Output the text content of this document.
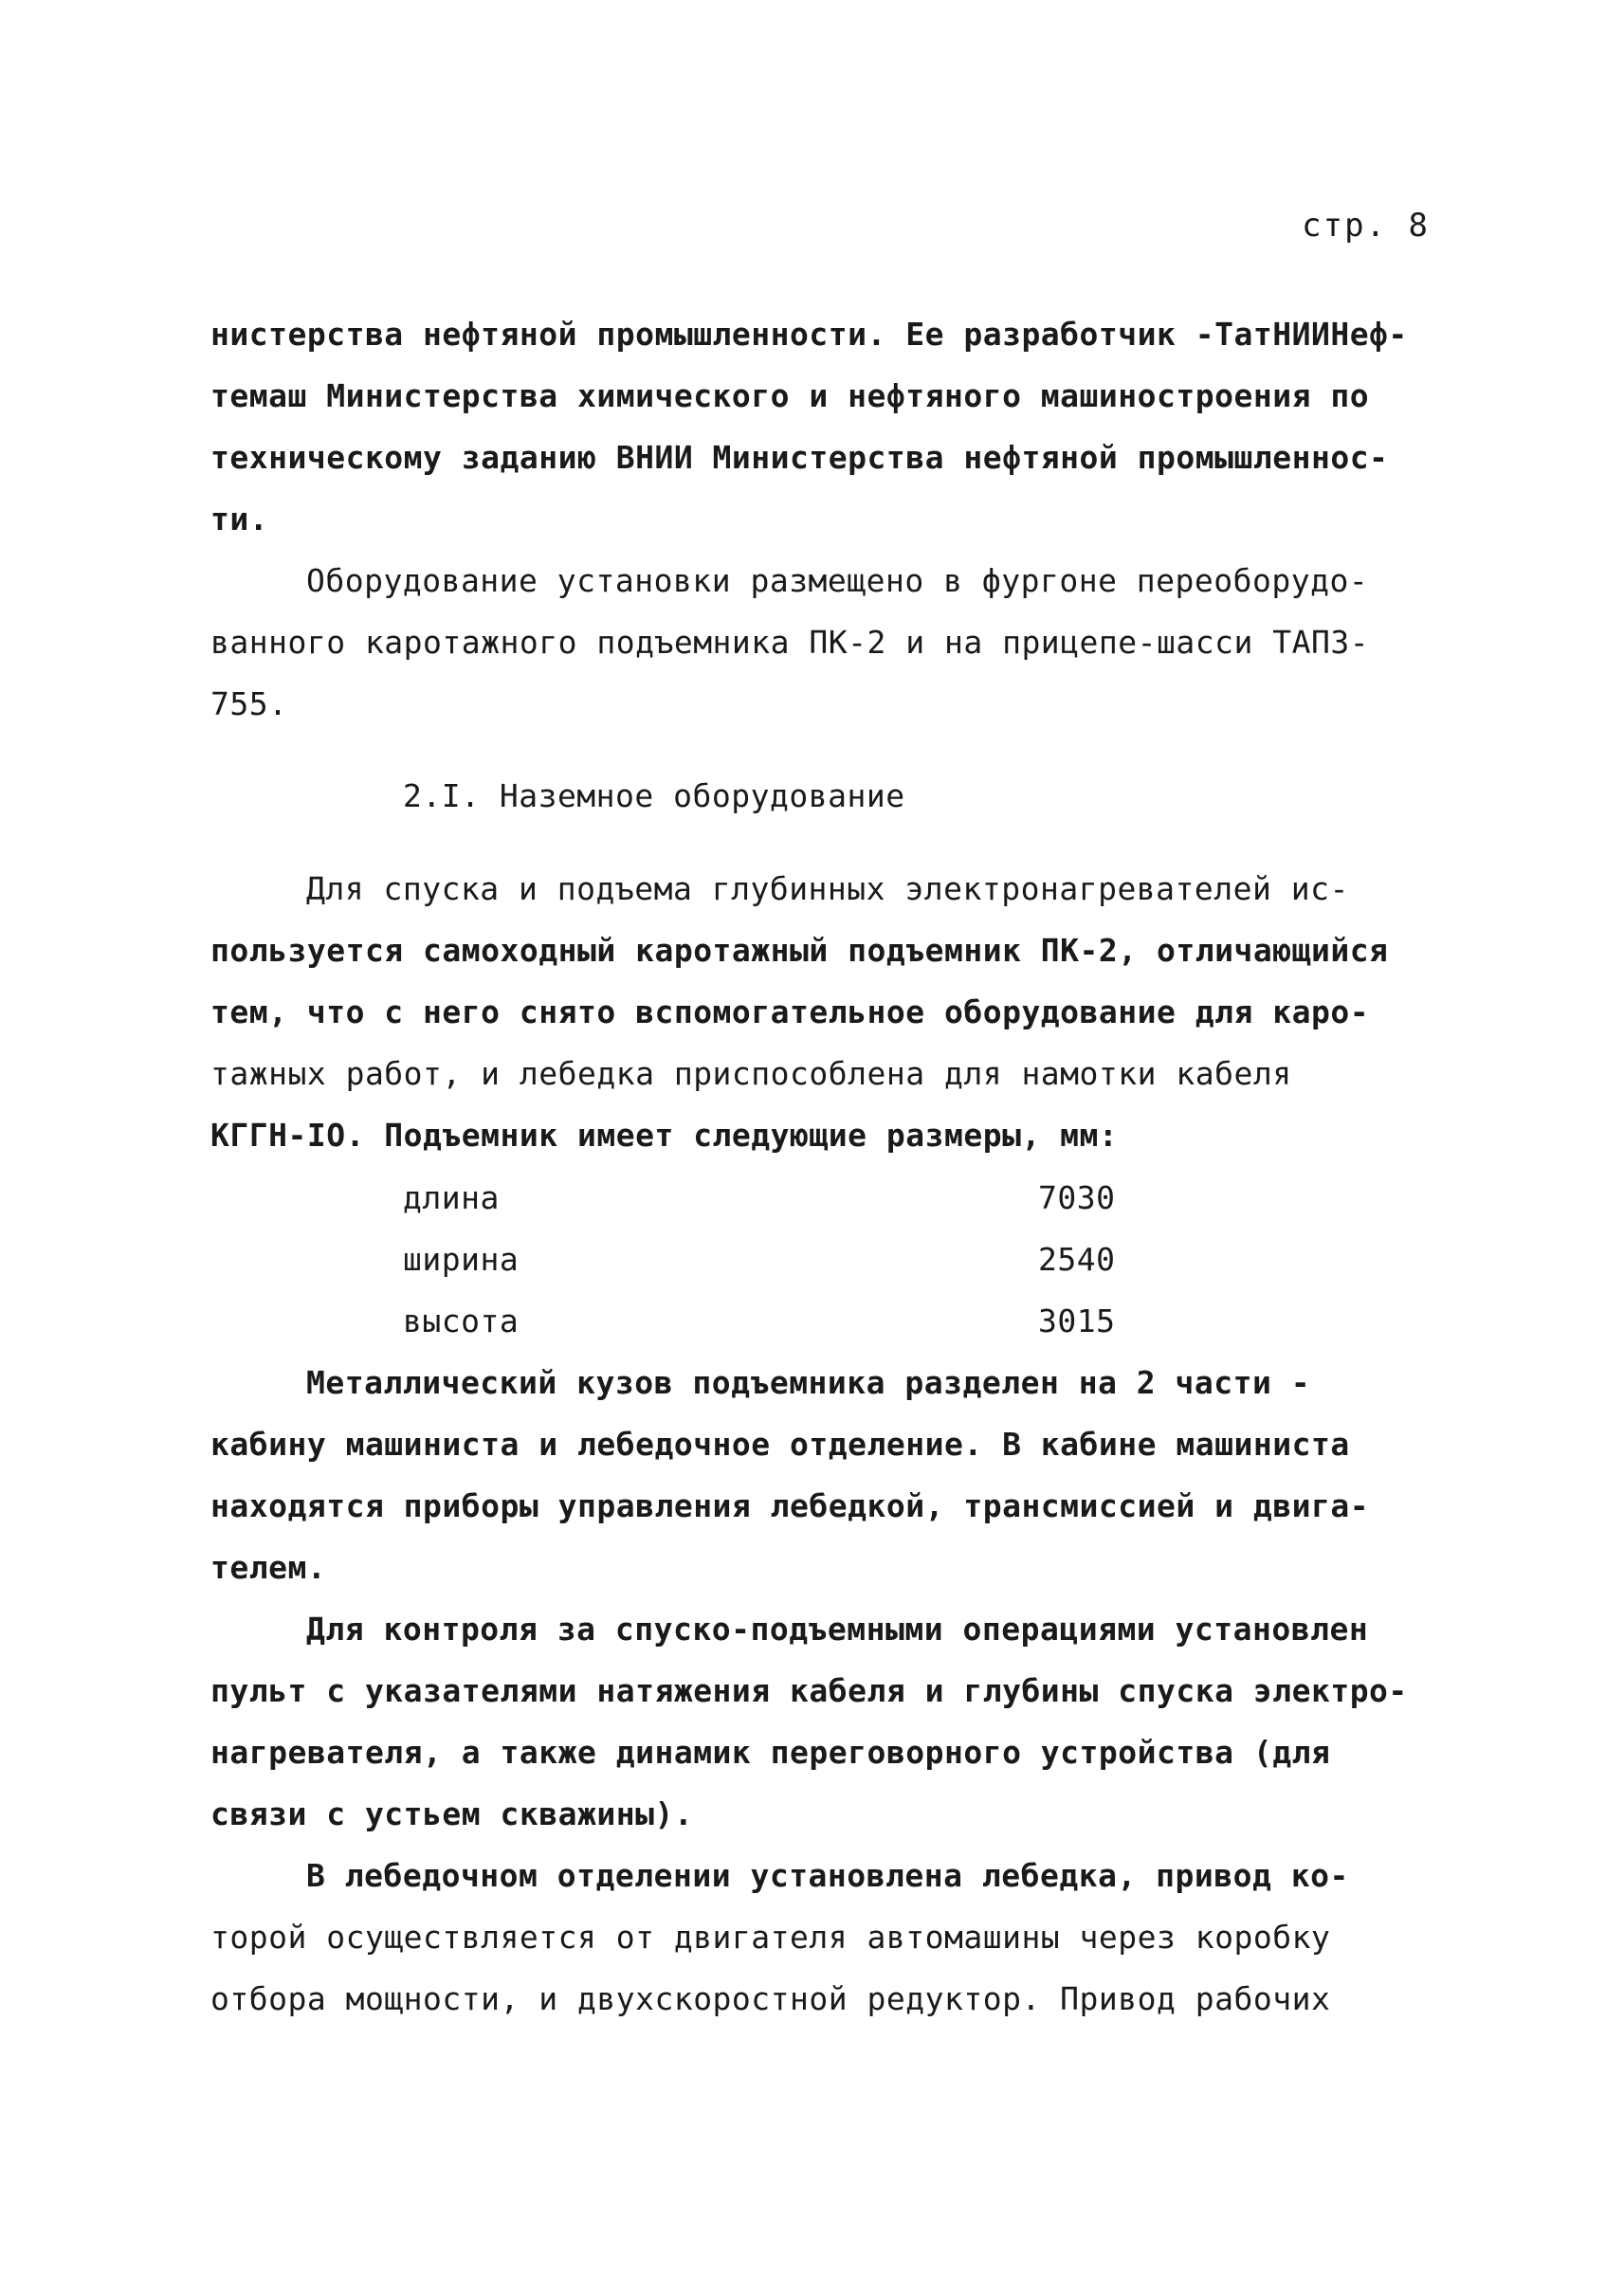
стр. 8
нистерства нефтяной промышленности. Ее разработчик -ТатНИИНеф-
темаш Министерства химического и нефтяного машиностроения по
техническому заданию ВНИИ Министерства нефтяной промышленнос-
ти.
Оборудование установки размещено в фургоне переоборудо-
ванного каротажного подъемника ПК-2 и на прицепе-шасси ТАПЗ-
755.
2.I. Наземное оборудование
Для спуска и подъема глубинных электронагревателей ис-
пользуется самоходный каротажный подъемник ПК-2, отличающийся
тем, что с него снято вспомогательное оборудование для каро-
тажных работ, и лебедка приспособлена для намотки кабеля
КГГН-IO. Подъемник имеет следующие размеры, мм:
длина	7030
ширина	2540
высота	3015
Металлический кузов подъемника разделен на 2 части -
кабину машиниста и лебедочное отделение. В кабине машиниста
находятся приборы управления лебедкой, трансмиссией и двига-
телем.
Для контроля за спуско-подъемными операциями установлен
пульт с указателями натяжения кабеля и глубины спуска электро-
нагревателя, а также динамик переговорного устройства (для
связи с устьем скважины).
В лебедочном отделении установлена лебедка, привод ко-
торой осуществляется от двигателя автомашины через коробку
отбора мощности, и двухскоростной редуктор. Привод рабочих
